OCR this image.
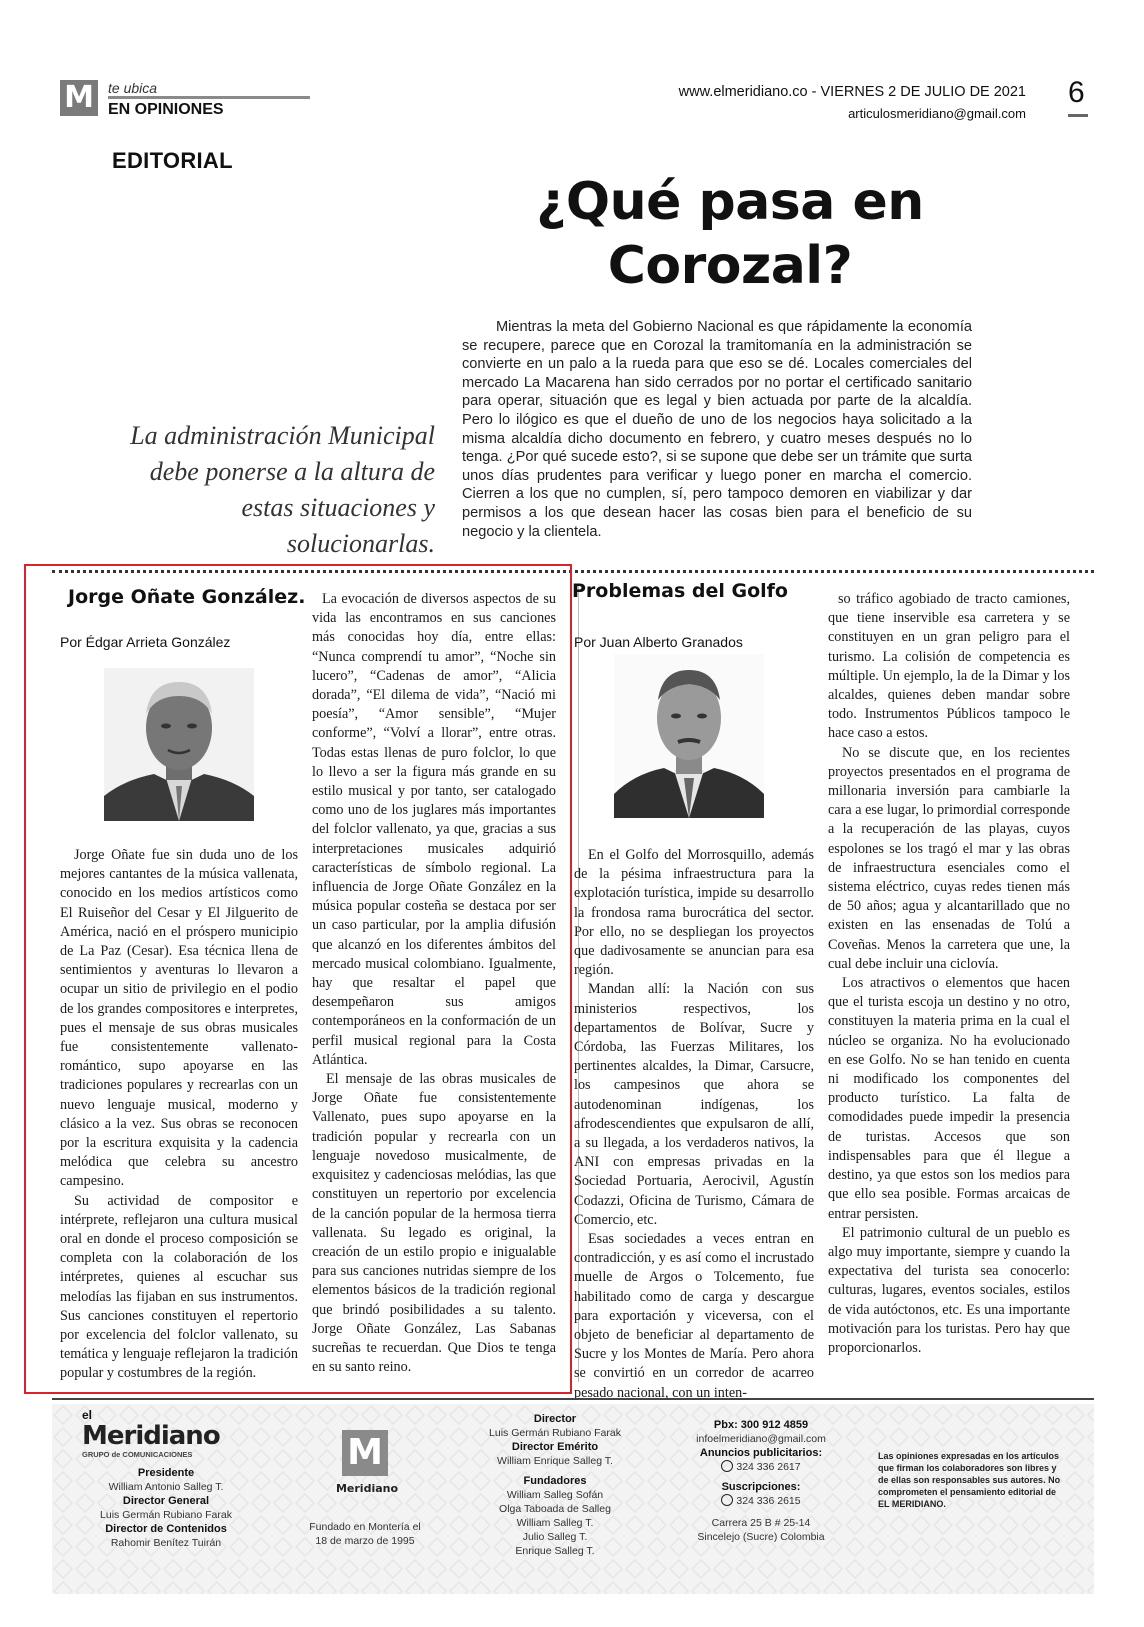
M te ubica
EN OPINIONES
www.elmeridiano.co - VIERNES 2 DE JULIO DE 2021
articulosmeridiano@gmail.com
6
EDITORIAL
¿Qué pasa en
Corozal?
Mientras la meta del Gobierno Nacional es que rápidamente la economía se recupere, parece que en Corozal la tramitomanía en la administración se convierte en un palo a la rueda para que eso se dé. Locales comerciales del mercado La Macarena han sido cerrados por no portar el certificado sanitario para operar, situación que es legal y bien actuada por parte de la alcaldía. Pero lo ilógico es que el dueño de uno de los negocios haya solicitado a la misma alcaldía dicho documento en febrero, y cuatro meses después no lo tenga. ¿Por qué sucede esto?, si se supone que debe ser un trámite que surta unos días prudentes para verificar y luego poner en marcha el comercio. Cierren a los que no cumplen, sí, pero tampoco demoren en viabilizar y dar permisos a los que desean hacer las cosas bien para el beneficio de su negocio y la clientela.
La administración Municipal debe ponerse a la altura de estas situaciones y solucionarlas.
Jorge Oñate González.
Por Édgar Arrieta González

Jorge Oñate fue sin duda uno de los mejores cantantes de la música vallenata, conocido en los medios artísticos como El Ruiseñor del Cesar y El Jilguerito de América, nació en el próspero municipio de La Paz (Cesar). Esa técnica llena de sentimientos y aventuras lo llevaron a ocupar un sitio de privilegio en el podio de los grandes compositores e interpretes, pues el mensaje de sus obras musicales fue consistentemente vallenato-romántico, supo apoyarse en las tradiciones populares y recrearlas con un nuevo lenguaje musical, moderno y clásico a la vez. Sus obras se reconocen por la escritura exquisita y la cadencia melódica que celebra su ancestro campesino.

Su actividad de compositor e intérprete, reflejaron una cultura musical oral en donde el proceso composición se completa con la colaboración de los intérpretes, quienes al escuchar sus melodías las fijaban en sus instrumentos. Sus canciones constituyen el repertorio por excelencia del folclor vallenato, su temática y lenguaje reflejaron la tradición popular y costumbres de la región.

La evocación de diversos aspectos de su vida las encontramos en sus canciones más conocidas hoy día, entre ellas: “Nunca comprendí tu amor”, “Noche sin lucero”, “Cadenas de amor”, “Alicia dorada”, “El dilema de vida”, “Nació mi poesía”, “Amor sensible”, “Mujer conforme”, “Volví a llorar”, entre otras. Todas estas llenas de puro folclor, lo que lo llevo a ser la figura más grande en su estilo musical y por tanto, ser catalogado como uno de los juglares más importantes del folclor vallenato, ya que, gracias a sus interpretaciones musicales adquirió características de símbolo regional. La influencia de Jorge Oñate González en la música popular costeña se destaca por ser un caso particular, por la amplia difusión que alcanzó en los diferentes ámbitos del mercado musical colombiano. Igualmente, hay que resaltar el papel que desempeñaron sus amigos contemporáneos en la conformación de un perfil musical regional para la Costa Atlántica.

El mensaje de las obras musicales de Jorge Oñate fue consistentemente Vallenato, pues supo apoyarse en la tradición popular y recrearla con un lenguaje novedoso musicalmente, de exquisitez y cadenciosas melódias, las que constituyen un repertorio por excelencia de la canción popular de la hermosa tierra vallenata. Su legado es original, la creación de un estilo propio e inigualable para sus canciones nutridas siempre de los elementos básicos de la tradición regional que brindó posibilidades a su talento. Jorge Oñate González, Las Sabanas sucreñas te recuerdan. Que Dios te tenga en su santo reino.

Problemas del Golfo
Por Juan Alberto Granados

En el Golfo del Morrosquillo, además de la pésima infraestructura para la explotación turística, impide su desarrollo la frondosa rama burocrática del sector. Por ello, no se despliegan los proyectos que dadivosamente se anuncian para esa región.

Mandan allí: la Nación con sus ministerios respectivos, los departamentos de Bolívar, Sucre y Córdoba, las Fuerzas Militares, los pertinentes alcaldes, la Dimar, Carsucre, los campesinos que ahora se autodenominan indígenas, los afrodescendientes que expulsaron de allí, a su llegada, a los verdaderos nativos, la ANI con empresas privadas en la Sociedad Portuaria, Aerocivil, Agustín Codazzi, Oficina de Turismo, Cámara de Comercio, etc.

Esas sociedades a veces entran en contradicción, y es así como el incrustado muelle de Argos o Tolcemento, fue habilitado como de carga y descargue para exportación y viceversa, con el objeto de beneficiar al departamento de Sucre y los Montes de María. Pero ahora se convirtió en un corredor de acarreo pesado nacional, con un inten-

so tráfico agobiado de tracto camiones, que tiene inservible esa carretera y se constituyen en un gran peligro para el turismo. La colisión de competencia es múltiple. Un ejemplo, la de la Dimar y los alcaldes, quienes deben mandar sobre todo. Instrumentos Públicos tampoco le hace caso a estos.

No se discute que, en los recientes proyectos presentados en el programa de millonaria inversión para cambiarle la cara a ese lugar, lo primordial corresponde a la recuperación de las playas, cuyos espolones se los tragó el mar y las obras de infraestructura esenciales como el sistema eléctrico, cuyas redes tienen más de 50 años; agua y alcantarillado que no existen en las ensenadas de Tolú a Coveñas. Menos la carretera que une, la cual debe incluir una ciclovía.

Los atractivos o elementos que hacen que el turista escoja un destino y no otro, constituyen la materia prima en la cual el núcleo se organiza. No ha evolucionado en ese Golfo. No se han tenido en cuenta ni modificado los componentes del producto turístico. La falta de comodidades puede impedir la presencia de turistas. Accesos que son indispensables para que él llegue a destino, ya que estos son los medios para que ello sea posible. Formas arcaicas de entrar persisten.

El patrimonio cultural de un pueblo es algo muy importante, siempre y cuando la expectativa del turista sea conocerlo: culturas, lugares, eventos sociales, estilos de vida autóctonos, etc. Es una importante motivación para los turistas. Pero hay que proporcionarlos.

el
Meridiano
GRUPO de COMUNICACIONES
Presidente
William Antonio Salleg T.
Director General
Luis Germán Rubiano Farak
Director de Contenidos
Rahomir Benítez Tuirán
M
Meridiano
Fundado en Montería el 18 de marzo de 1995
Director
Luis Germán Rubiano Farak
Director Emérito
William Enrique Salleg T.
Fundadores
William Salleg Sofán
Olga Taboada de Salleg
William Salleg T.
Julio Salleg T.
Enrique Salleg T.
Pbx: 300 912 4859
infoelmeridiano@gmail.com
Anuncios publicitarios:
324 336 2617
Suscripciones:
324 336 2615
Carrera 25 B # 25-14
Sincelejo (Sucre) Colombia
Las opiniones expresadas en los artículos que firman los colaboradores son libres y de ellas son responsables sus autores. No comprometen el pensamiento editorial de EL MERIDIANO.
